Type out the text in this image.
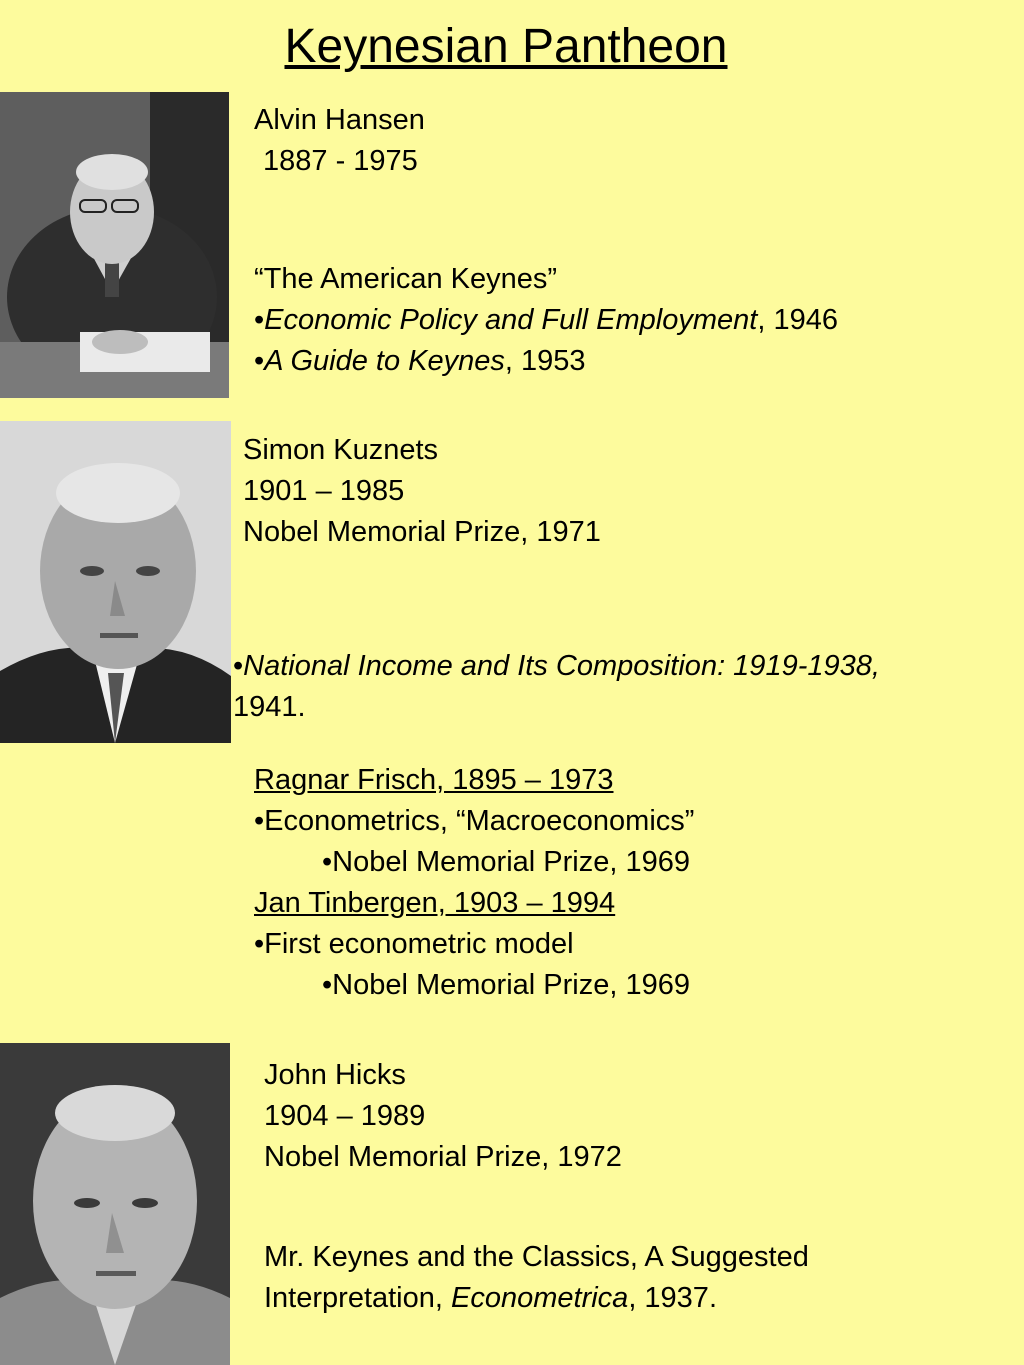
Keynesian Pantheon
Alvin Hansen
1887 - 1975
“The American Keynes”
•Economic Policy and Full Employment, 1946
•A Guide to Keynes, 1953
Simon Kuznets
1901 – 1985
Nobel Memorial Prize, 1971
•National Income and Its Composition: 1919-1938,
1941.
Ragnar Frisch, 1895 – 1973
•Econometrics, “Macroeconomics”
•Nobel Memorial Prize, 1969
Jan Tinbergen, 1903 – 1994
•First econometric model
•Nobel Memorial Prize, 1969
John Hicks
1904 – 1989
Nobel Memorial Prize, 1972
Mr. Keynes and the Classics, A Suggested
Interpretation, Econometrica, 1937.
